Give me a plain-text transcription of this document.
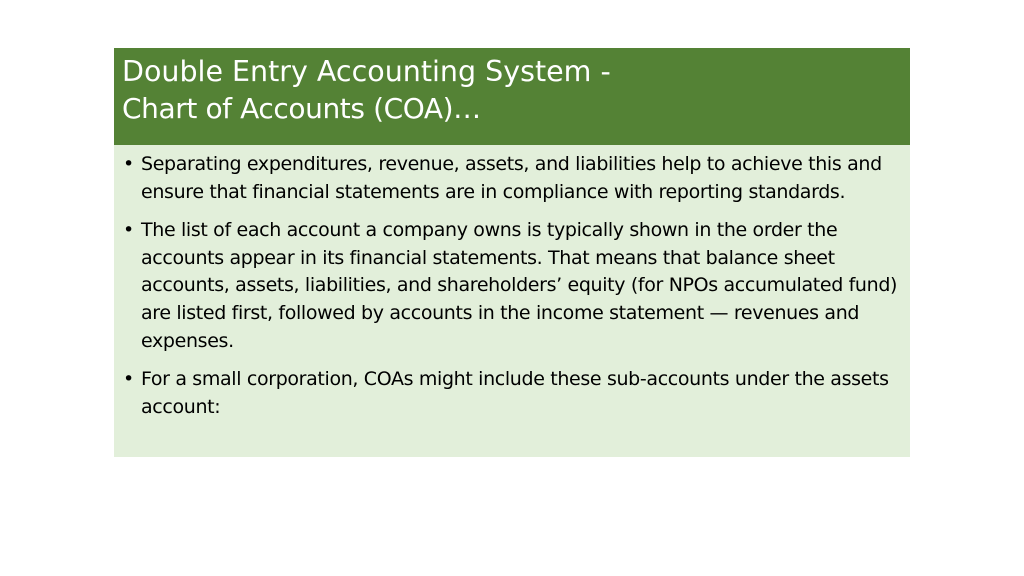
Double Entry Accounting System -
Chart of Accounts (COA)…
• Separating expenditures, revenue, assets, and liabilities help to achieve this and ensure that financial statements are in compliance with reporting standards.
• The list of each account a company owns is typically shown in the order the accounts appear in its financial statements. That means that balance sheet accounts, assets, liabilities, and shareholders’ equity (for NPOs accumulated fund) are listed first, followed by accounts in the income statement — revenues and expenses.
• For a small corporation, COAs might include these sub-accounts under the assets account:
